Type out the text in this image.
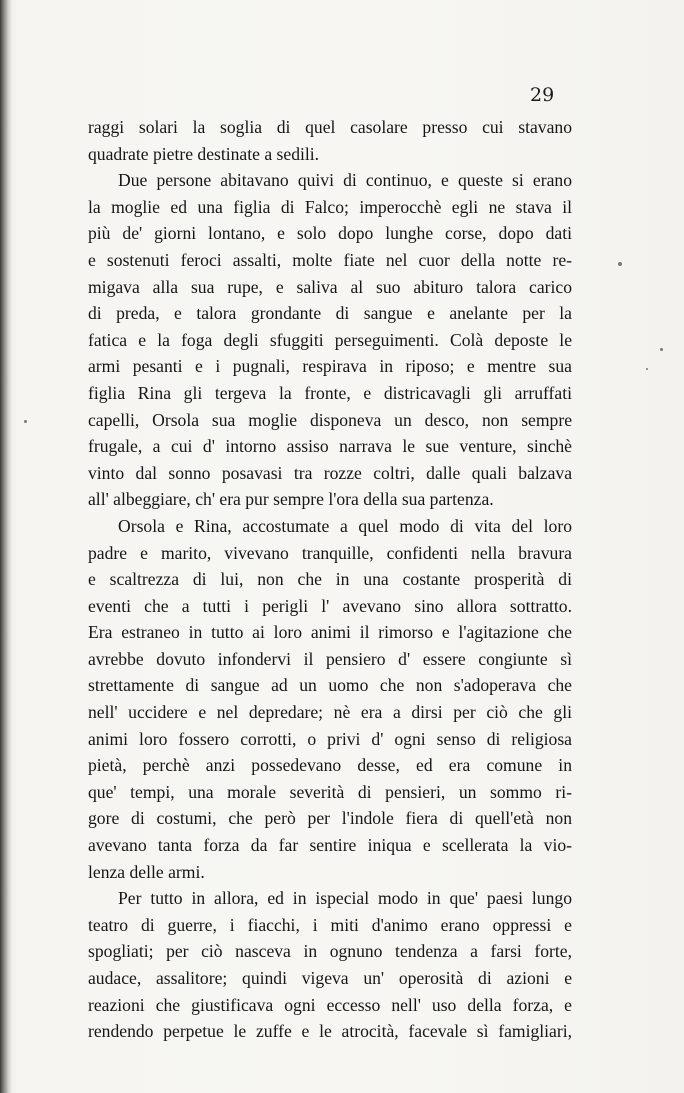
29

raggi solari la soglia di quel casolare presso cui stavano
quadrate pietre destinate a sedili.
Due persone abitavano quivi di continuo, e queste si erano
la moglie ed una figlia di Falco; imperocchè egli ne stava il
più de' giorni lontano, e solo dopo lunghe corse, dopo dati
e sostenuti feroci assalti, molte fiate nel cuor della notte re-
migava alla sua rupe, e saliva al suo abituro talora carico
di preda, e talora grondante di sangue e anelante per la
fatica e la foga degli sfuggiti perseguimenti. Colà deposte le
armi pesanti e i pugnali, respirava in riposo; e mentre sua
figlia Rina gli tergeva la fronte, e districavagli gli arruffati
capelli, Orsola sua moglie disponeva un desco, non sempre
frugale, a cui d' intorno assiso narrava le sue venture, sinchè
vinto dal sonno posavasi tra rozze coltri, dalle quali balzava
all' albeggiare, ch' era pur sempre l'ora della sua partenza.
Orsola e Rina, accostumate a quel modo di vita del loro
padre e marito, vivevano tranquille, confidenti nella bravura
e scaltrezza di lui, non che in una costante prosperità di
eventi che a tutti i perigli l' avevano sino allora sottratto.
Era estraneo in tutto ai loro animi il rimorso e l'agitazione che
avrebbe dovuto infondervi il pensiero d' essere congiunte sì
strettamente di sangue ad un uomo che non s'adoperava che
nell' uccidere e nel depredare; nè era a dirsi per ciò che gli
animi loro fossero corrotti, o privi d' ogni senso di religiosa
pietà, perchè anzi possedevano desse, ed era comune in
que' tempi, una morale severità di pensieri, un sommo ri-
gore di costumi, che però per l'indole fiera di quell'età non
avevano tanta forza da far sentire iniqua e scellerata la vio-
lenza delle armi.
Per tutto in allora, ed in ispecial modo in que' paesi lungo
teatro di guerre, i fiacchi, i miti d'animo erano oppressi e
spogliati; per ciò nasceva in ognuno tendenza a farsi forte,
audace, assalitore; quindi vigeva un' operosità di azioni e
reazioni che giustificava ogni eccesso nell' uso della forza, e
rendendo perpetue le zuffe e le atrocità, facevale sì famigliari,
